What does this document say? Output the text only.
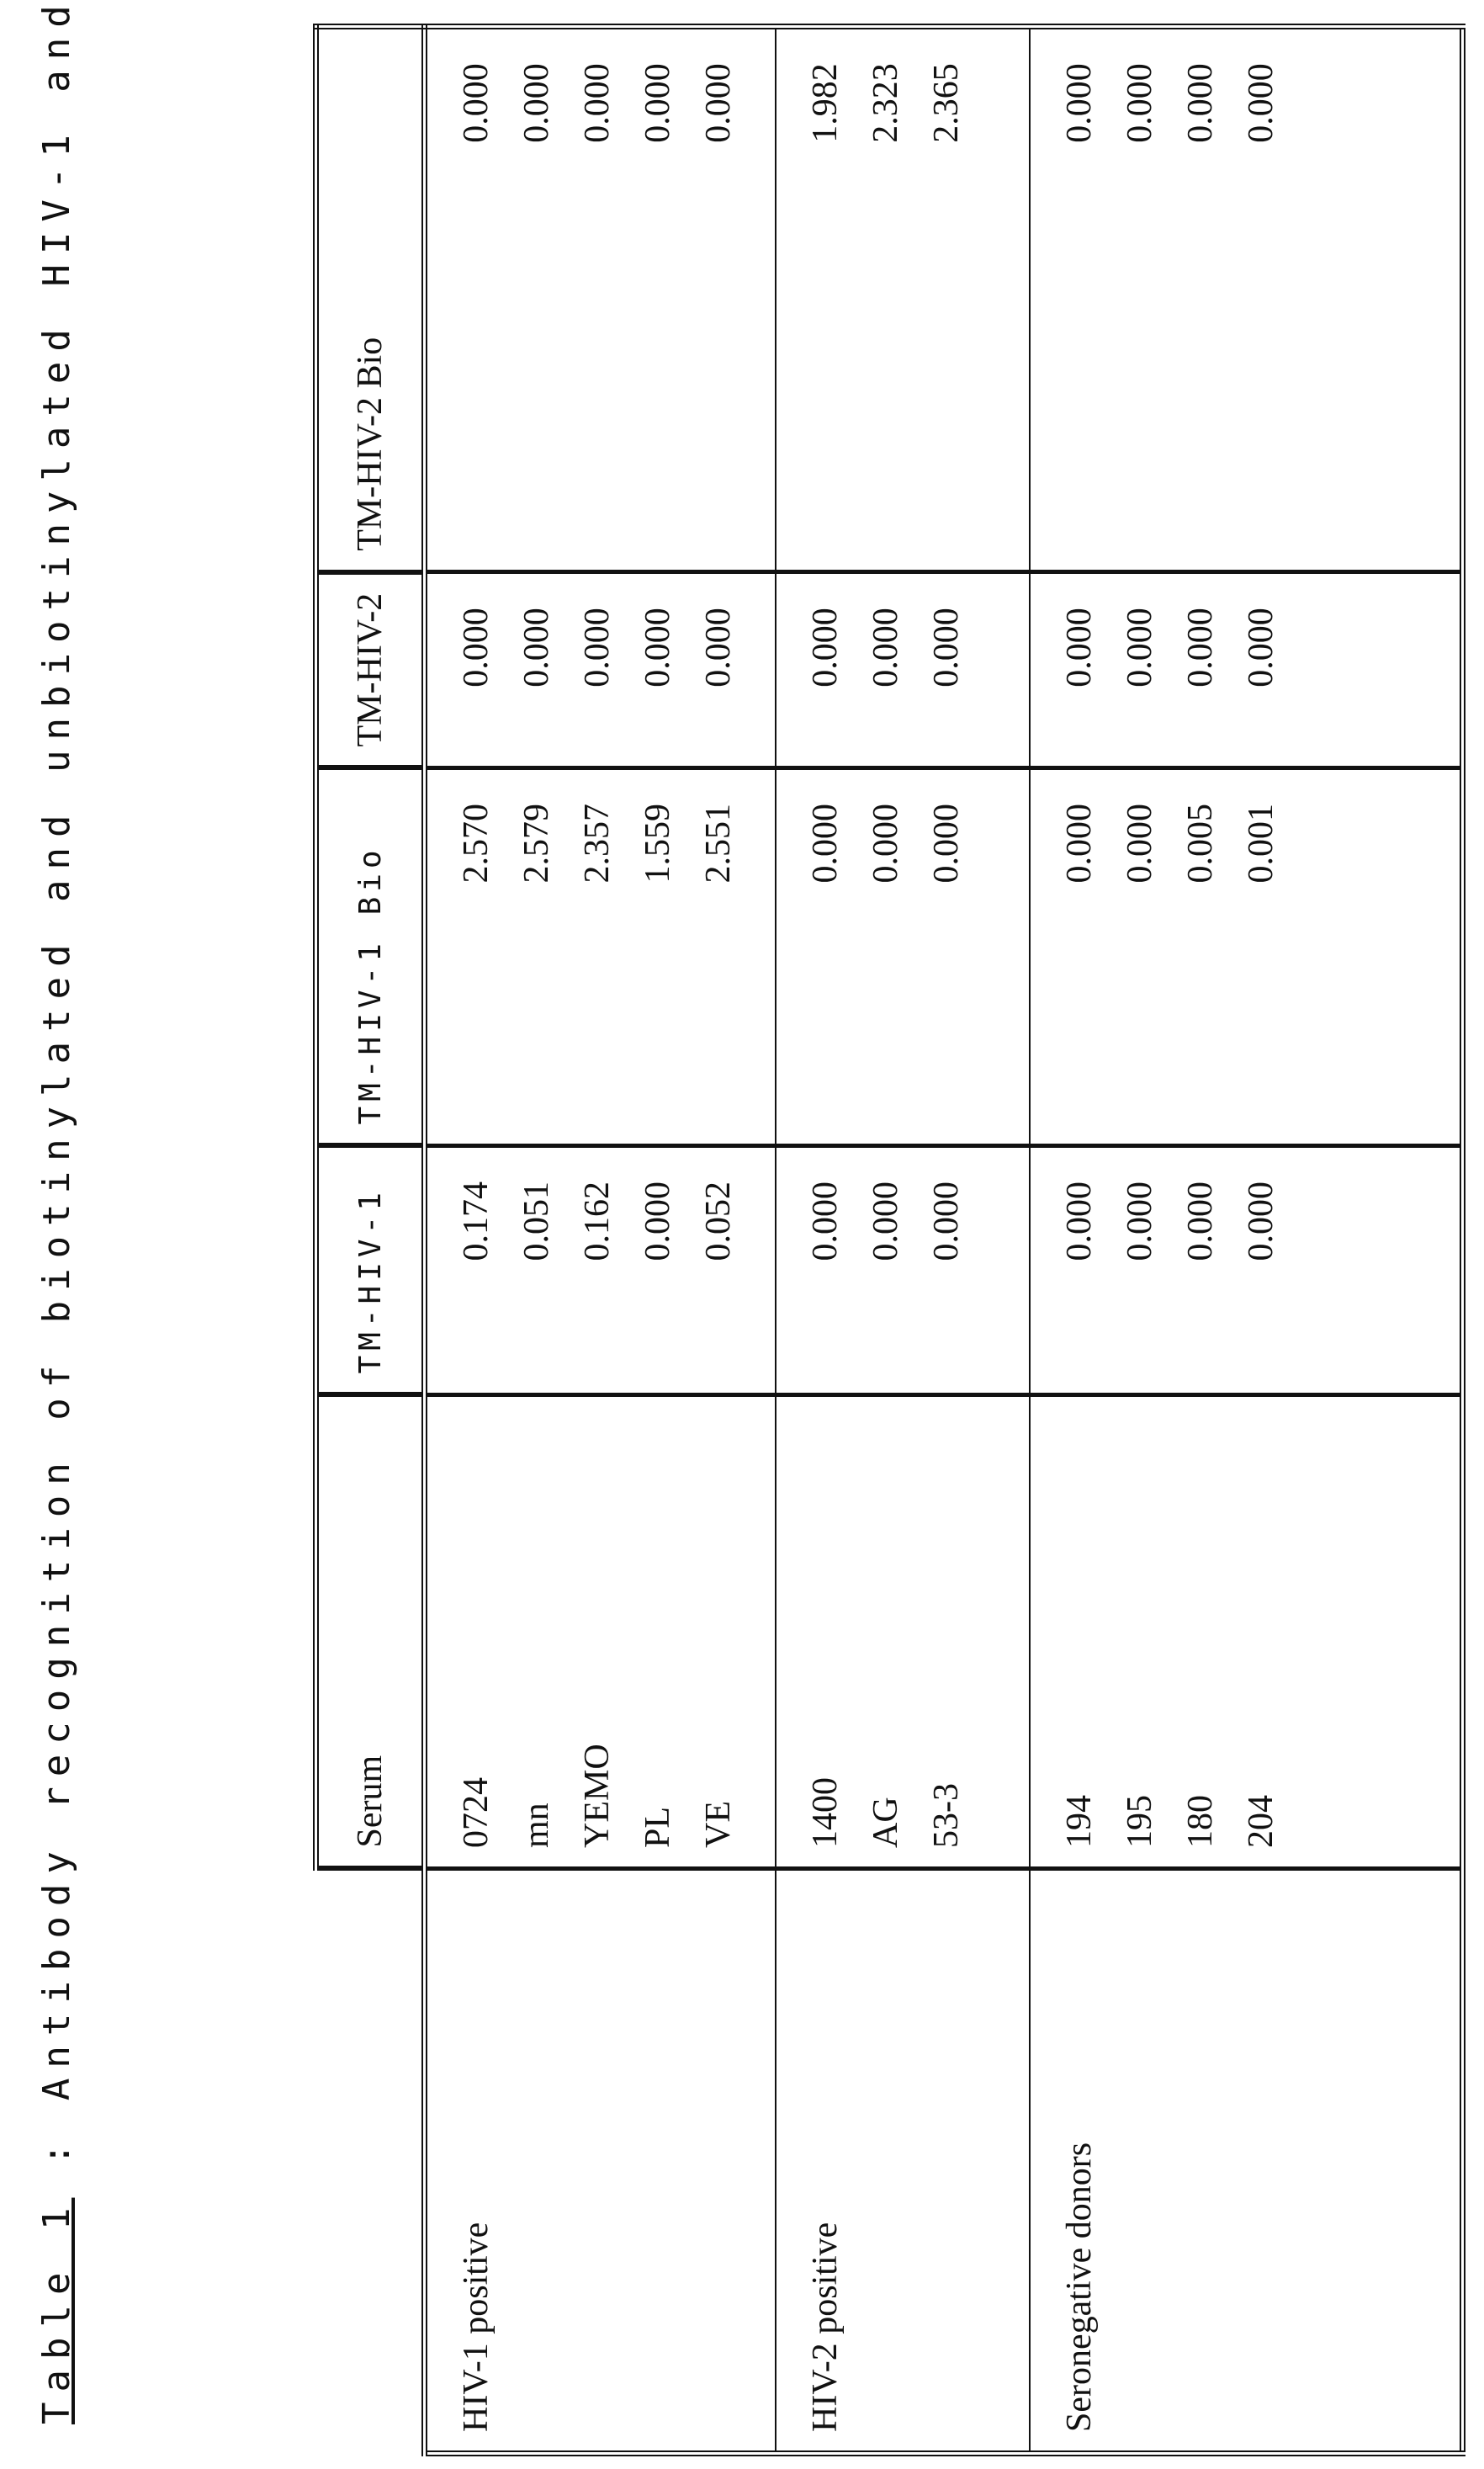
Table 1 : Antibody recognition of biotinylated and unbiotinylated HIV-1 and HIV-2 peptides
		Serum	TM-HIV-1	TM-HIV-1 Bio	TM-HIV-2	TM-HIV-2 Bio
HIV-1 positive	0724	0.174	2.570	0.000	0.000
mn	0.051	2.579	0.000	0.000
YEMO	0.162	2.357	0.000	0.000
PL	0.000	1.559	0.000	0.000
VE	0.052	2.551	0.000	0.000
HIV-2 positive	1400	0.000	0.000	0.000	1.982
AG	0.000	0.000	0.000	2.323
53-3	0.000	0.000	0.000	2.365
Seronegative donors	194	0.000	0.000	0.000	0.000
195	0.000	0.000	0.000	0.000
180	0.000	0.005	0.000	0.000
204	0.000	0.001	0.000	0.000
